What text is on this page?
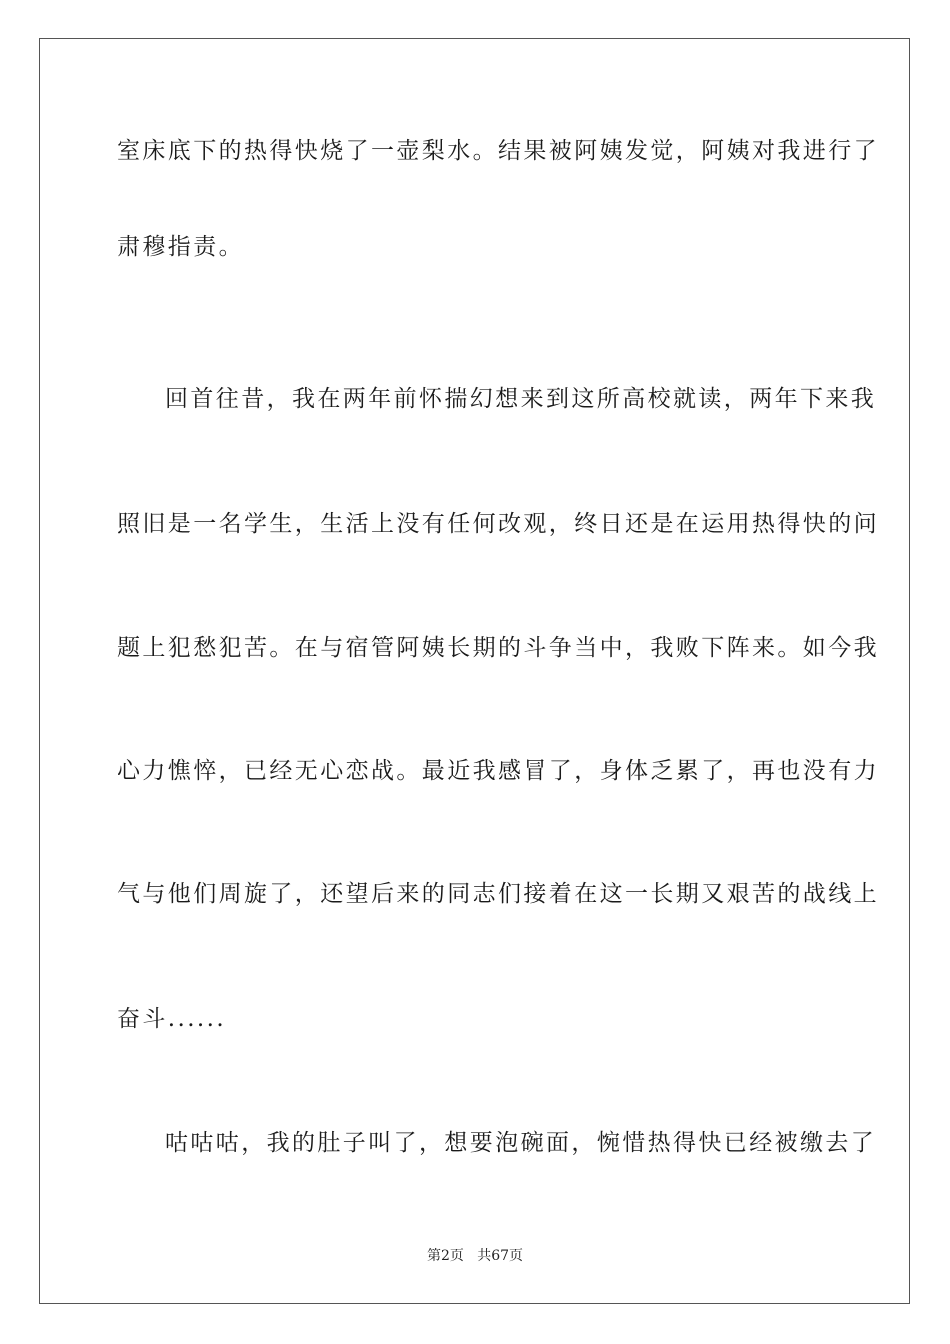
室床底下的热得快烧了一壶梨水。结果被阿姨发觉，阿姨对我进行了
肃穆指责。
回首往昔，我在两年前怀揣幻想来到这所高校就读，两年下来我
照旧是一名学生，生活上没有任何改观，终日还是在运用热得快的问
题上犯愁犯苦。在与宿管阿姨长期的斗争当中，我败下阵来。如今我
心力憔悴，已经无心恋战。最近我感冒了，身体乏累了，再也没有力
气与他们周旋了，还望后来的同志们接着在这一长期又艰苦的战线上
奋斗......
咕咕咕，我的肚子叫了，想要泡碗面，惋惜热得快已经被缴去了
第2页   共67页
